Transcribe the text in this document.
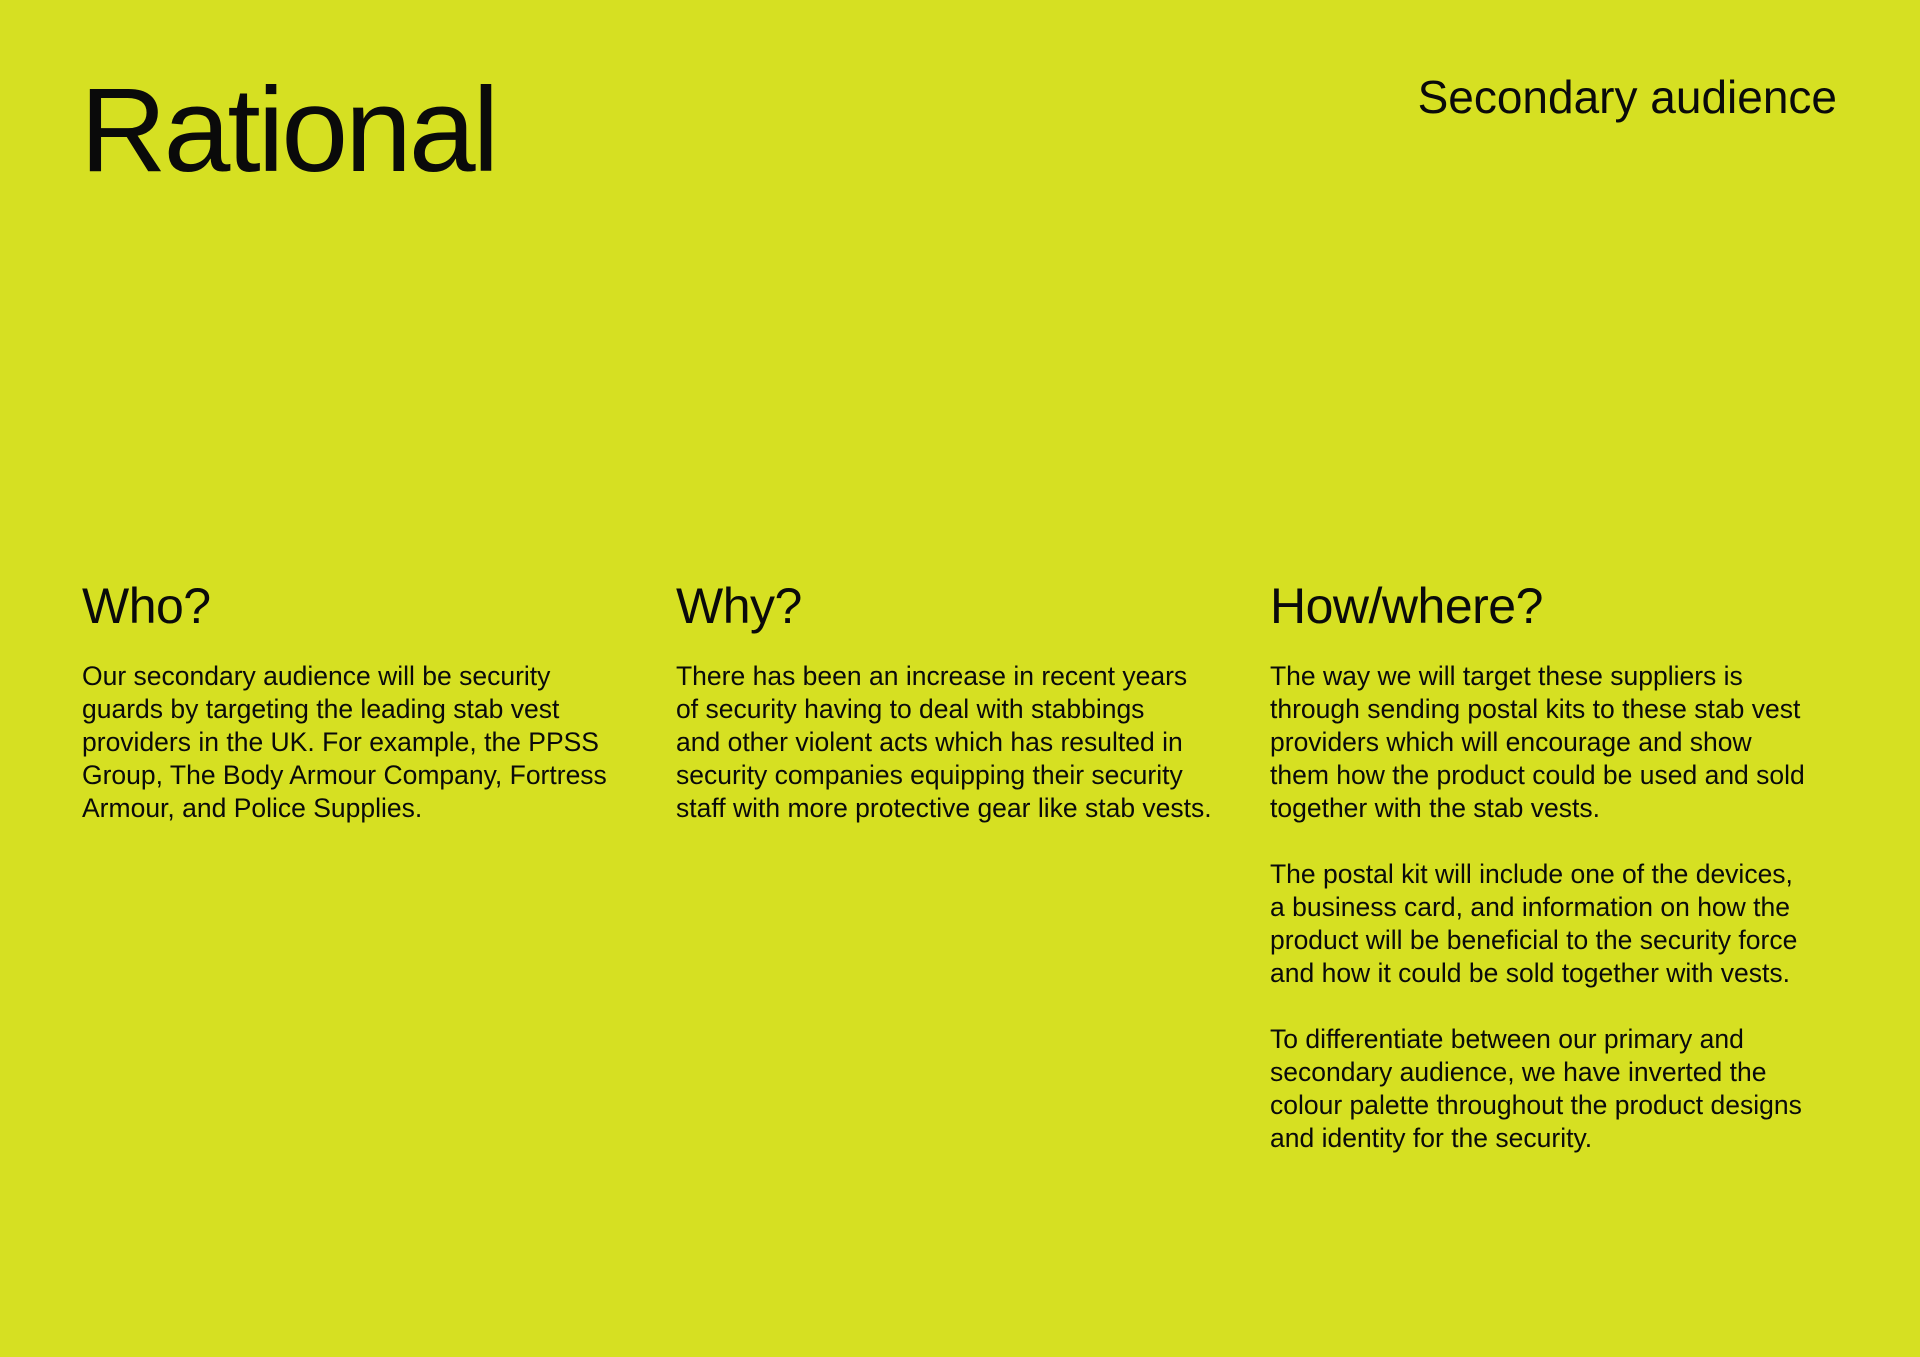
Rational	Secondary audience
Who?

Our secondary audience will be security
guards by targeting the leading stab vest
providers in the UK. For example, the PPSS
Group, The Body Armour Company, Fortress
Armour, and Police Supplies.

Why?

There has been an increase in recent years
of security having to deal with stabbings
and other violent acts which has resulted in
security companies equipping their security
staff with more protective gear like stab vests.

How/where?

The way we will target these suppliers is
through sending postal kits to these stab vest
providers which will encourage and show
them how the product could be used and sold
together with the stab vests.

The postal kit will include one of the devices,
a business card, and information on how the
product will be beneficial to the security force
and how it could be sold together with vests.

To differentiate between our primary and
secondary audience, we have inverted the
colour palette throughout the product designs
and identity for the security.
